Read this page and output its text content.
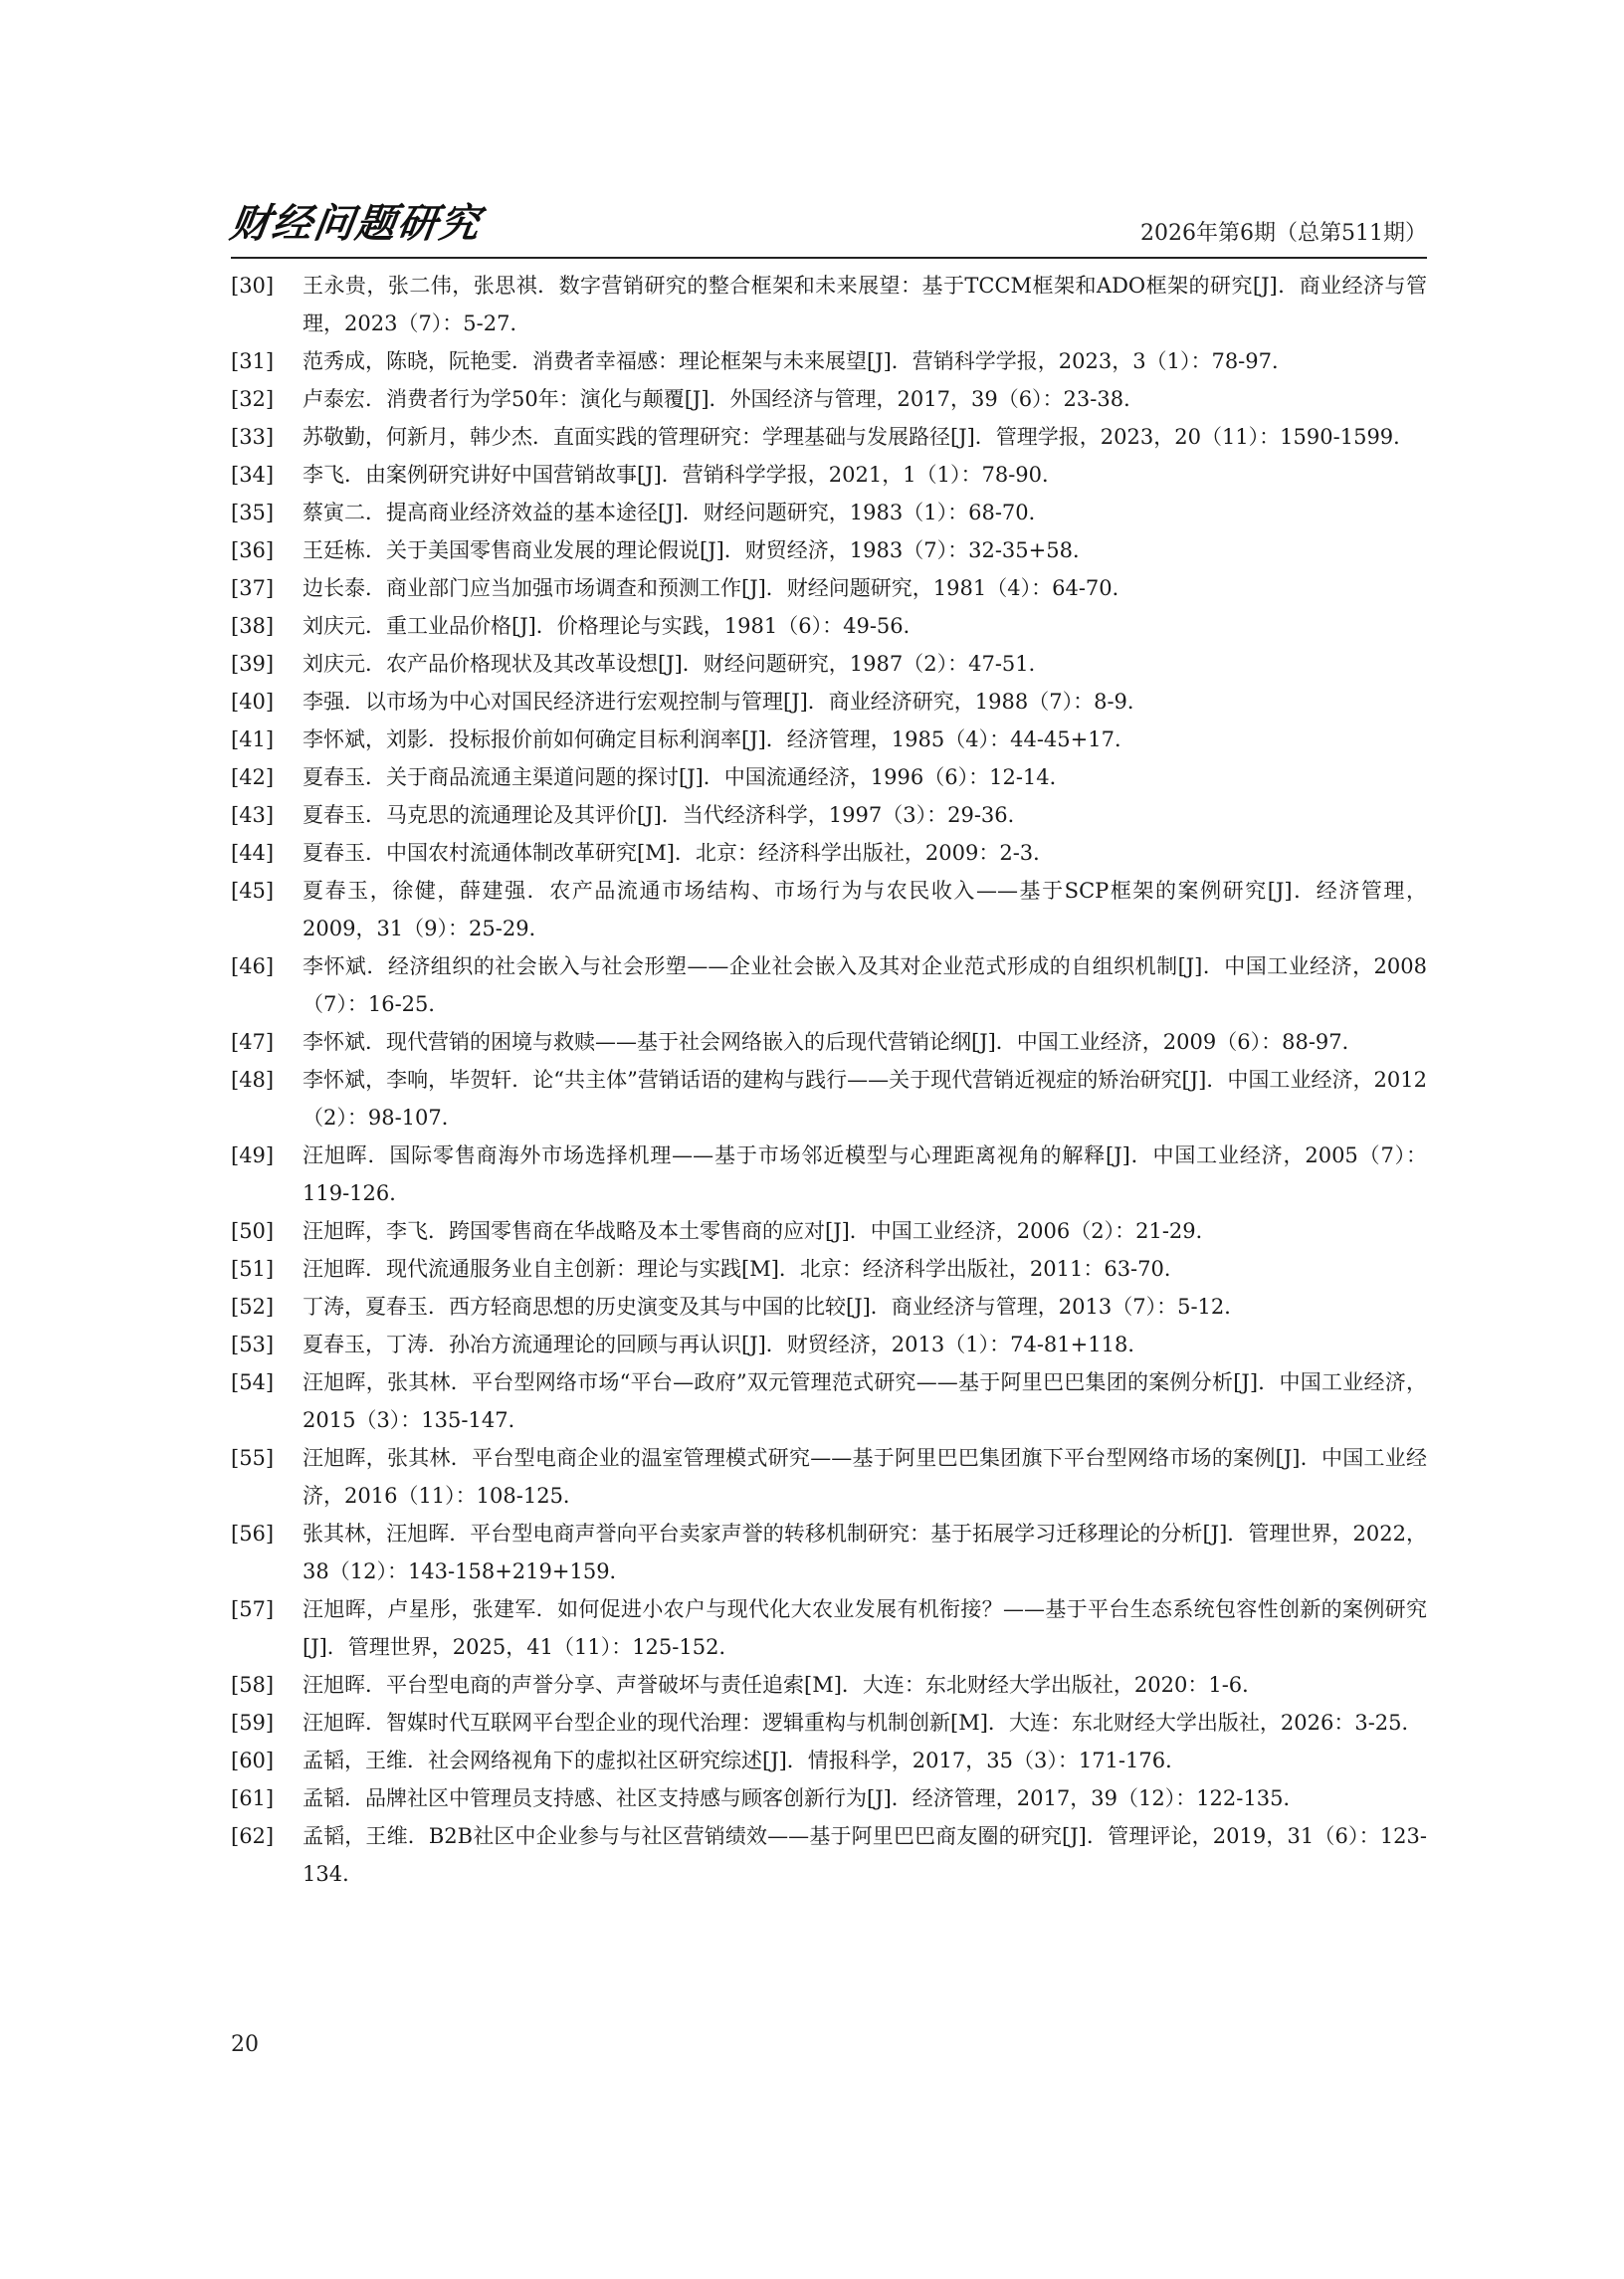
财经问题研究	2026年第6期（总第511期）
[30]	王永贵，张二伟，张思祺．数字营销研究的整合框架和未来展望：基于TCCM框架和ADO框架的研究[J]．商业经济与管理，2023（7）：5-27．
[31]	范秀成，陈晓，阮艳雯．消费者幸福感：理论框架与未来展望[J]．营销科学学报，2023，3（1）：78-97．
[32]	卢泰宏．消费者行为学50年：演化与颠覆[J]．外国经济与管理，2017，39（6）：23-38．
[33]	苏敬勤，何新月，韩少杰．直面实践的管理研究：学理基础与发展路径[J]．管理学报，2023，20（11）：1590-1599．
[34]	李飞．由案例研究讲好中国营销故事[J]．营销科学学报，2021，1（1）：78-90．
[35]	蔡寅二．提高商业经济效益的基本途径[J]．财经问题研究，1983（1）：68-70．
[36]	王廷栋．关于美国零售商业发展的理论假说[J]．财贸经济，1983（7）：32-35+58．
[37]	边长泰．商业部门应当加强市场调查和预测工作[J]．财经问题研究，1981（4）：64-70．
[38]	刘庆元．重工业品价格[J]．价格理论与实践，1981（6）：49-56．
[39]	刘庆元．农产品价格现状及其改革设想[J]．财经问题研究，1987（2）：47-51．
[40]	李强．以市场为中心对国民经济进行宏观控制与管理[J]．商业经济研究，1988（7）：8-9．
[41]	李怀斌，刘影．投标报价前如何确定目标利润率[J]．经济管理，1985（4）：44-45+17．
[42]	夏春玉．关于商品流通主渠道问题的探讨[J]．中国流通经济，1996（6）：12-14．
[43]	夏春玉．马克思的流通理论及其评价[J]．当代经济科学，1997（3）：29-36．
[44]	夏春玉．中国农村流通体制改革研究[M]．北京：经济科学出版社，2009：2-3．
[45]	夏春玉，徐健，薛建强．农产品流通市场结构、市场行为与农民收入——基于SCP框架的案例研究[J]．经济管理，2009，31（9）：25-29．
[46]	李怀斌．经济组织的社会嵌入与社会形塑——企业社会嵌入及其对企业范式形成的自组织机制[J]．中国工业经济，2008（7）：16-25．
[47]	李怀斌．现代营销的困境与救赎——基于社会网络嵌入的后现代营销论纲[J]．中国工业经济，2009（6）：88-97．
[48]	李怀斌，李响，毕贺轩．论“共主体”营销话语的建构与践行——关于现代营销近视症的矫治研究[J]．中国工业经济，2012（2）：98-107．
[49]	汪旭晖．国际零售商海外市场选择机理——基于市场邻近模型与心理距离视角的解释[J]．中国工业经济，2005（7）：119-126．
[50]	汪旭晖，李飞．跨国零售商在华战略及本土零售商的应对[J]．中国工业经济，2006（2）：21-29．
[51]	汪旭晖．现代流通服务业自主创新：理论与实践[M]．北京：经济科学出版社，2011：63-70．
[52]	丁涛，夏春玉．西方轻商思想的历史演变及其与中国的比较[J]．商业经济与管理，2013（7）：5-12．
[53]	夏春玉，丁涛．孙冶方流通理论的回顾与再认识[J]．财贸经济，2013（1）：74-81+118．
[54]	汪旭晖，张其林．平台型网络市场“平台—政府”双元管理范式研究——基于阿里巴巴集团的案例分析[J]．中国工业经济，2015（3）：135-147．
[55]	汪旭晖，张其林．平台型电商企业的温室管理模式研究——基于阿里巴巴集团旗下平台型网络市场的案例[J]．中国工业经济，2016（11）：108-125．
[56]	张其林，汪旭晖．平台型电商声誉向平台卖家声誉的转移机制研究：基于拓展学习迁移理论的分析[J]．管理世界，2022，38（12）：143-158+219+159．
[57]	汪旭晖，卢星彤，张建军．如何促进小农户与现代化大农业发展有机衔接？——基于平台生态系统包容性创新的案例研究[J]．管理世界，2025，41（11）：125-152．
[58]	汪旭晖．平台型电商的声誉分享、声誉破坏与责任追索[M]．大连：东北财经大学出版社，2020：1-6．
[59]	汪旭晖．智媒时代互联网平台型企业的现代治理：逻辑重构与机制创新[M]．大连：东北财经大学出版社，2026：3-25．
[60]	孟韬，王维．社会网络视角下的虚拟社区研究综述[J]．情报科学，2017，35（3）：171-176．
[61]	孟韬．品牌社区中管理员支持感、社区支持感与顾客创新行为[J]．经济管理，2017，39（12）：122-135．
[62]	孟韬，王维．B2B社区中企业参与与社区营销绩效——基于阿里巴巴商友圈的研究[J]．管理评论，2019，31（6）：123-134．
20
